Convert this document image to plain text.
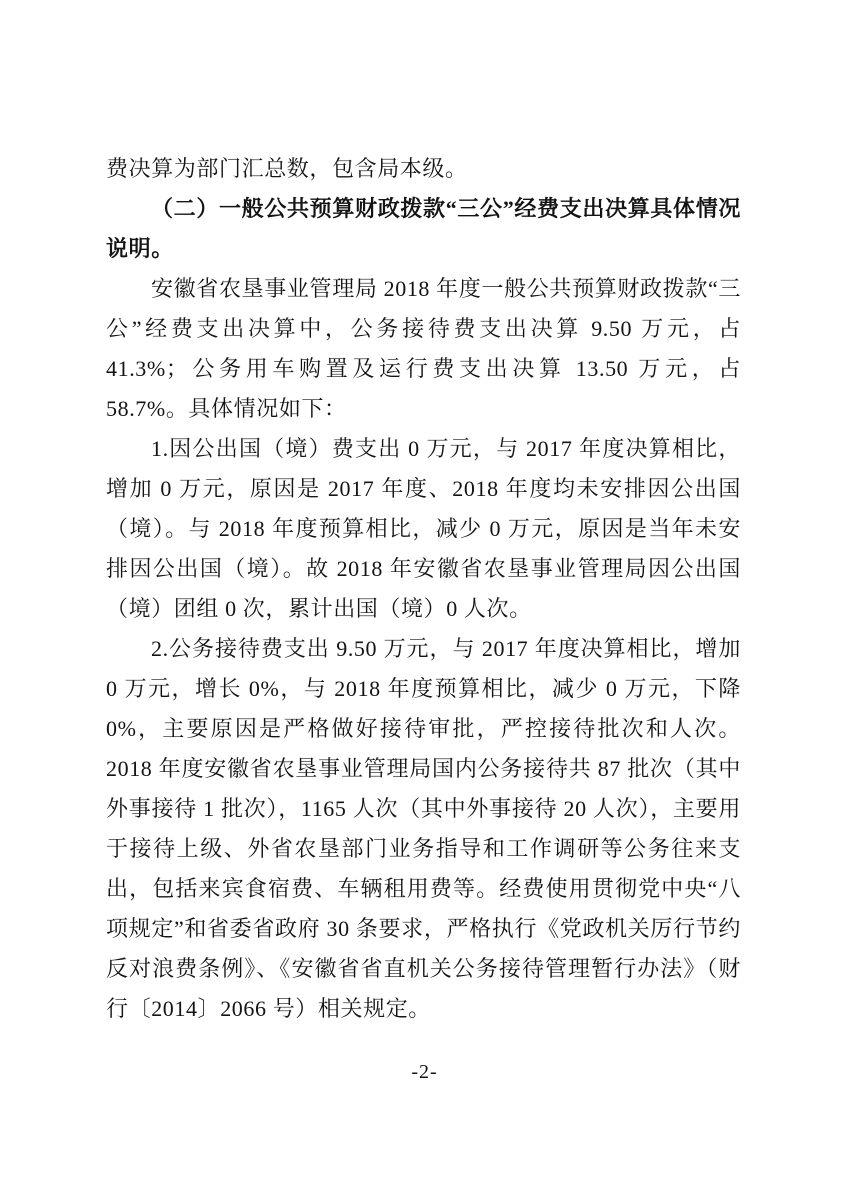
费决算为部门汇总数，包含局本级。

（二）一般公共预算财政拨款“三公”经费支出决算具体情况说明。

安徽省农垦事业管理局 2018 年度一般公共预算财政拨款“三公”经费支出决算中，公务接待费支出决算 9.50 万元，占 41.3%；公务用车购置及运行费支出决算 13.50 万元，占 58.7%。具体情况如下：

1.因公出国（境）费支出 0 万元，与 2017 年度决算相比，增加 0 万元，原因是 2017 年度、2018 年度均未安排因公出国（境）。与 2018 年度预算相比，减少 0 万元，原因是当年未安排因公出国（境）。故 2018 年安徽省农垦事业管理局因公出国（境）团组 0 次，累计出国（境）0 人次。

2.公务接待费支出 9.50 万元，与 2017 年度决算相比，增加 0 万元，增长 0%，与 2018 年度预算相比，减少 0 万元，下降 0%，主要原因是严格做好接待审批，严控接待批次和人次。2018 年度安徽省农垦事业管理局国内公务接待共 87 批次（其中外事接待 1 批次），1165 人次（其中外事接待 20 人次），主要用于接待上级、外省农垦部门业务指导和工作调研等公务往来支出，包括来宾食宿费、车辆租用费等。经费使用贯彻党中央“八项规定”和省委省政府 30 条要求，严格执行《党政机关厉行节约反对浪费条例》、《安徽省省直机关公务接待管理暂行办法》（财行〔2014〕2066 号）相关规定。

-2-
